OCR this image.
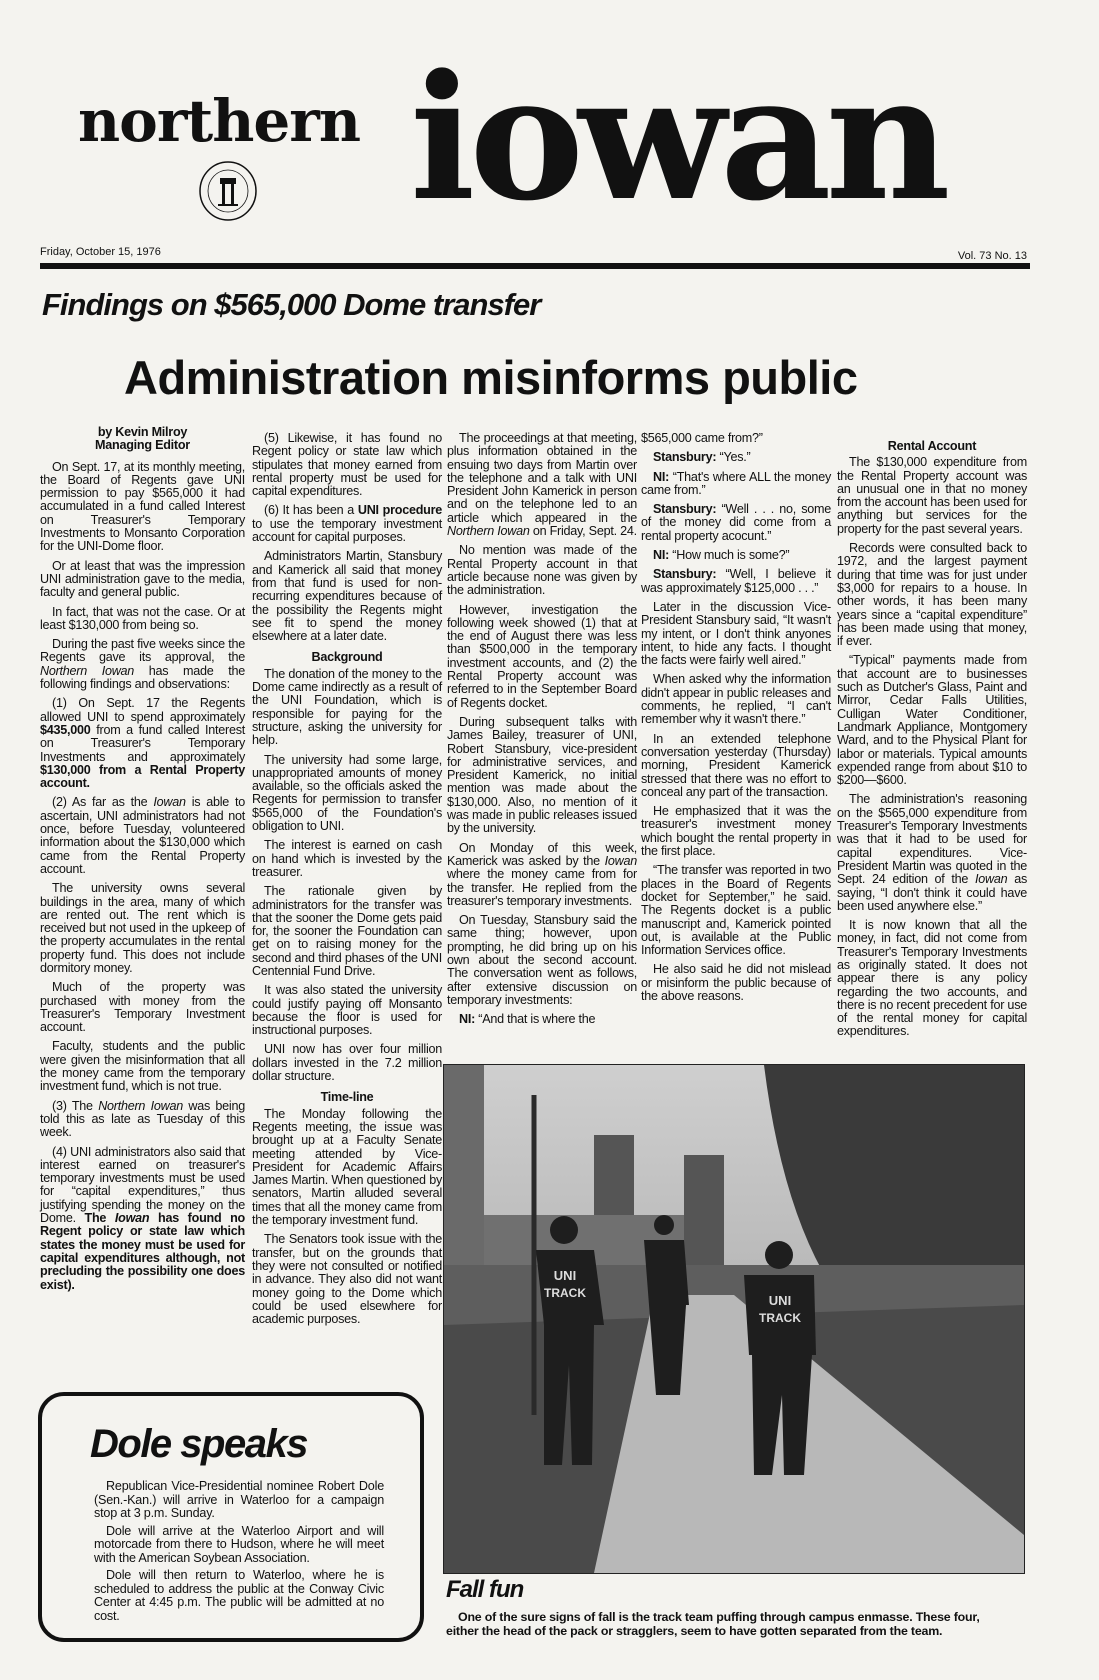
northern iowan
Friday, October 15, 1976	Vol. 73 No. 13
Findings on $565,000 Dome transfer
Administration misinforms public
by Kevin Milroy
Managing Editor

On Sept. 17, at its monthly meeting, the Board of Regents gave UNI permission to pay $565,000 it had accumulated in a fund called Interest on Treasurer's Temporary Investments to Monsanto Corporation for the UNI-Dome floor.

Or at least that was the impression UNI administration gave to the media, faculty and general public.

In fact, that was not the case. Or at least $130,000 from being so.

During the past five weeks since the Regents gave its approval, the Northern Iowan has made the following findings and observations:

(1) On Sept. 17 the Regents allowed UNI to spend approximately $435,000 from a fund called Interest on Treasurer's Temporary Investments and approximately $130,000 from a Rental Property account.

(2) As far as the Iowan is able to ascertain, UNI administrators had not once, before Tuesday, volunteered information about the $130,000 which came from the Rental Property account.

The university owns several buildings in the area, many of which are rented out. The rent which is received but not used in the upkeep of the property accumulates in the rental property fund. This does not include dormitory money.

Much of the property was purchased with money from the Treasurer's Temporary Investment account.

Faculty, students and the public were given the misinformation that all the money came from the temporary investment fund, which is not true.

(3) The Northern Iowan was being told this as late as Tuesday of this week.

(4) UNI administrators also said that interest earned on treasurer's temporary investments must be used for “capital expenditures,” thus justifying spending the money on the Dome. The Iowan has found no Regent policy or state law which states the money must be used for capital expenditures although, not precluding the possibility one does exist).

(5) Likewise, it has found no Regent policy or state law which stipulates that money earned from rental property must be used for capital expenditures.

(6) It has been a UNI procedure to use the temporary investment account for capital purposes.

Administrators Martin, Stansbury and Kamerick all said that money from that fund is used for non-recurring expenditures because of the possibility the Regents might see fit to spend the money elsewhere at a later date.

Background

The donation of the money to the Dome came indirectly as a result of the UNI Foundation, which is responsible for paying for the structure, asking the university for help.

The university had some large, unappropriated amounts of money available, so the officials asked the Regents for permission to transfer $565,000 of the Foundation's obligation to UNI.

The interest is earned on cash on hand which is invested by the treasurer.

The rationale given by administrators for the transfer was that the sooner the Dome gets paid for, the sooner the Foundation can get on to raising money for the second and third phases of the UNI Centennial Fund Drive.

It was also stated the university could justify paying off Monsanto because the floor is used for instructional purposes.

UNI now has over four million dollars invested in the 7.2 million dollar structure.

Time-line

The Monday following the Regents meeting, the issue was brought up at a Faculty Senate meeting attended by Vice-President for Academic Affairs James Martin. When questioned by senators, Martin alluded several times that all the money came from the temporary investment fund.

The Senators took issue with the transfer, but on the grounds that they were not consulted or notified in advance. They also did not want money going to the Dome which could be used elsewhere for academic purposes.

The proceedings at that meeting, plus information obtained in the ensuing two days from Martin over the telephone and a talk with UNI President John Kamerick in person and on the telephone led to an article which appeared in the Northern Iowan on Friday, Sept. 24.

No mention was made of the Rental Property account in that article because none was given by the administration.

However, investigation the following week showed (1) that at the end of August there was less than $500,000 in the temporary investment accounts, and (2) the Rental Property account was referred to in the September Board of Regents docket.

During subsequent talks with James Bailey, treasurer of UNI, Robert Stansbury, vice-president for administrative services, and President Kamerick, no initial mention was made about the $130,000. Also, no mention of it was made in public releases issued by the university.

On Monday of this week, Kamerick was asked by the Iowan where the money came from for the transfer. He replied from the treasurer's temporary investments.

On Tuesday, Stansbury said the same thing; however, upon prompting, he did bring up on his own about the second account. The conversation went as follows, after extensive discussion on temporary investments:

NI: “And that is where the

$565,000 came from?”

Stansbury: “Yes.”

NI: “That's where ALL the money came from.”

Stansbury: “Well . . . no, some of the money did come from a rental property acocunt.”

NI: “How much is some?”

Stansbury: “Well, I believe it was approximately $125,000 . . .”

Later in the discussion Vice-President Stansbury said, “It wasn't my intent, or I don't think anyones intent, to hide any facts. I thought the facts were fairly well aired.”

When asked why the information didn't appear in public releases and comments, he replied, “I can't remember why it wasn't there.”

In an extended telephone conversation yesterday (Thursday) morning, President Kamerick stressed that there was no effort to conceal any part of the transaction.

He emphasized that it was the treasurer's investment money which bought the rental property in the first place.

“The transfer was reported in two places in the Board of Regents docket for September,” he said. The Regents docket is a public manuscript and, Kamerick pointed out, is available at the Public Information Services office.

He also said he did not mislead or misinform the public because of the above reasons.

Rental Account

The $130,000 expenditure from the Rental Property account was an unusual one in that no money from the account has been used for anything but services for the property for the past several years.

Records were consulted back to 1972, and the largest payment during that time was for just under $3,000 for repairs to a house. In other words, it has been many years since a “capital expenditure” has been made using that money, if ever.

“Typical” payments made from that account are to businesses such as Dutcher's Glass, Paint and Mirror, Cedar Falls Utilities, Culligan Water Conditioner, Landmark Appliance, Montgomery Ward, and to the Physical Plant for labor or materials. Typical amounts expended range from about $10 to $200—$600.

The administration's reasoning on the $565,000 expenditure from Treasurer's Temporary Investments was that it had to be used for capital expenditures. Vice-President Martin was quoted in the Sept. 24 edition of the Iowan as saying, “I don't think it could have been used anywhere else.”

It is now known that all the money, in fact, did not come from Treasurer's Temporary Investments as originally stated. It does not appear there is any policy regarding the two accounts, and there is no recent precedent for use of the rental money for capital expenditures.

UNI
TRACK	UNI
TRACK
Dole speaks

Republican Vice-Presidential nominee Robert Dole (Sen.-Kan.) will arrive in Waterloo for a campaign stop at 3 p.m. Sunday.

Dole will arrive at the Waterloo Airport and will motorcade from there to Hudson, where he will meet with the American Soybean Association.

Dole will then return to Waterloo, where he is scheduled to address the public at the Conway Civic Center at 4:45 p.m. The public will be admitted at no cost.

Fall fun
One of the sure signs of fall is the track team puffing through campus enmasse. These four, either the head of the pack or stragglers, seem to have gotten separated from the team.
